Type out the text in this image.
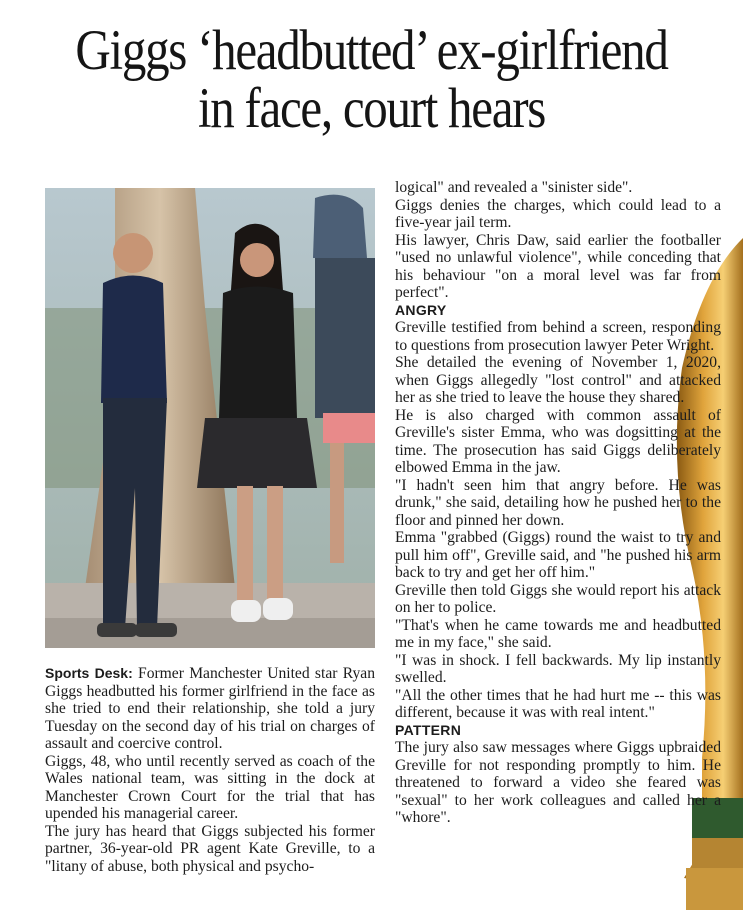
Giggs ‘headbutted’ ex-girlfriend
in face, court hears

Sports Desk: Former Manchester United star Ryan Giggs headbutted his former girlfriend in the face as she tried to end their relationship, she told a jury Tuesday on the second day of his trial on charges of assault and coercive control.

Giggs, 48, who until recently served as coach of the Wales national team, was sitting in the dock at Manchester Crown Court for the trial that has upended his managerial career.

The jury has heard that Giggs subjected his former partner, 36-year-old PR agent Kate Greville, to a "litany of abuse, both physical and psycho-

logical" and revealed a "sinister side".

Giggs denies the charges, which could lead to a five-year jail term.

His lawyer, Chris Daw, said earlier the footballer "used no unlawful violence", while conceding that his behaviour "on a moral level was far from perfect".

ANGRY

Greville testified from behind a screen, responding to questions from prosecution lawyer Peter Wright.

She detailed the evening of November 1, 2020, when Giggs allegedly "lost control" and attacked her as she tried to leave the house they shared.

He is also charged with common assault of Greville's sister Emma, who was dogsitting at the time. The prosecution has said Giggs deliberately elbowed Emma in the jaw.

"I hadn't seen him that angry before. He was drunk," she said, detailing how he pushed her to the floor and pinned her down.

Emma "grabbed (Giggs) round the waist to try and pull him off", Greville said, and "he pushed his arm back to try and get her off him."

Greville then told Giggs she would report his attack on her to police.

"That's when he came towards me and headbutted me in my face," she said.

"I was in shock. I fell backwards. My lip instantly swelled.

"All the other times that he had hurt me -- this was different, because it was with real intent."

PATTERN

The jury also saw messages where Giggs upbraided Greville for not responding promptly to him. He threatened to forward a video she feared was "sexual" to her work colleagues and called her a "whore".
